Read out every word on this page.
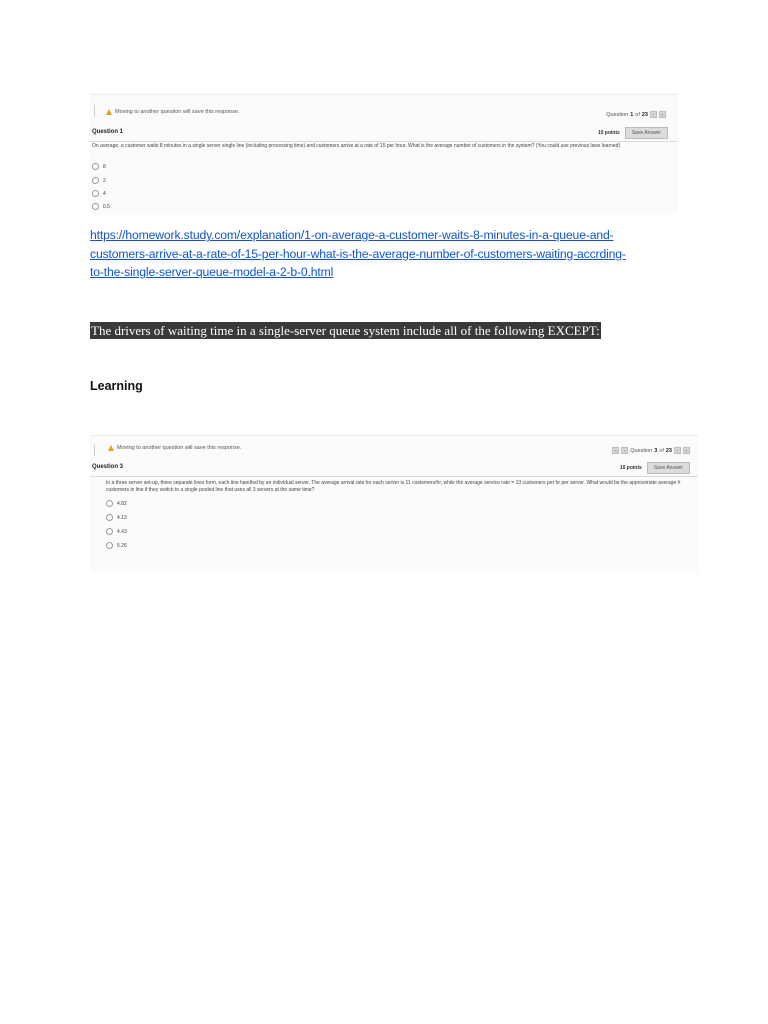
Moving to another question will save this response.	Question 1 of 23	›	»
Question 1	10 points	Save Answer
On average, a customer waits 8 minutes in a single server single line (including processing time) and customers arrive at a rate of 15 per hour. What is the average number of customers in the system? (You could use previous laws learned)
8
2
4
0.5
https://homework.study.com/explanation/1-on-average-a-customer-waits-8-minutes-in-a-queue-and-
customers-arrive-at-a-rate-of-15-per-hour-what-is-the-average-number-of-customers-waiting-accrding-
to-the-single-server-queue-model-a-2-b-0.html
The drivers of waiting time in a single-server queue system include all of the following EXCEPT:
Learning
Moving to another question will save this response.	«	‹ Question 3 of 23	›	»
Question 3	10 points	Save Answer
In a three server set-up, three separate lines form, each line handled by an individual server. The average arrival rate for each server is 11 customers/hr, while the average service rate = 13 customers per hr per server. What would be the approximate average # customers in line if they switch to a single pooled line that uses all 3 servers at the same time?
4.82
4.13
4.43
5.26
